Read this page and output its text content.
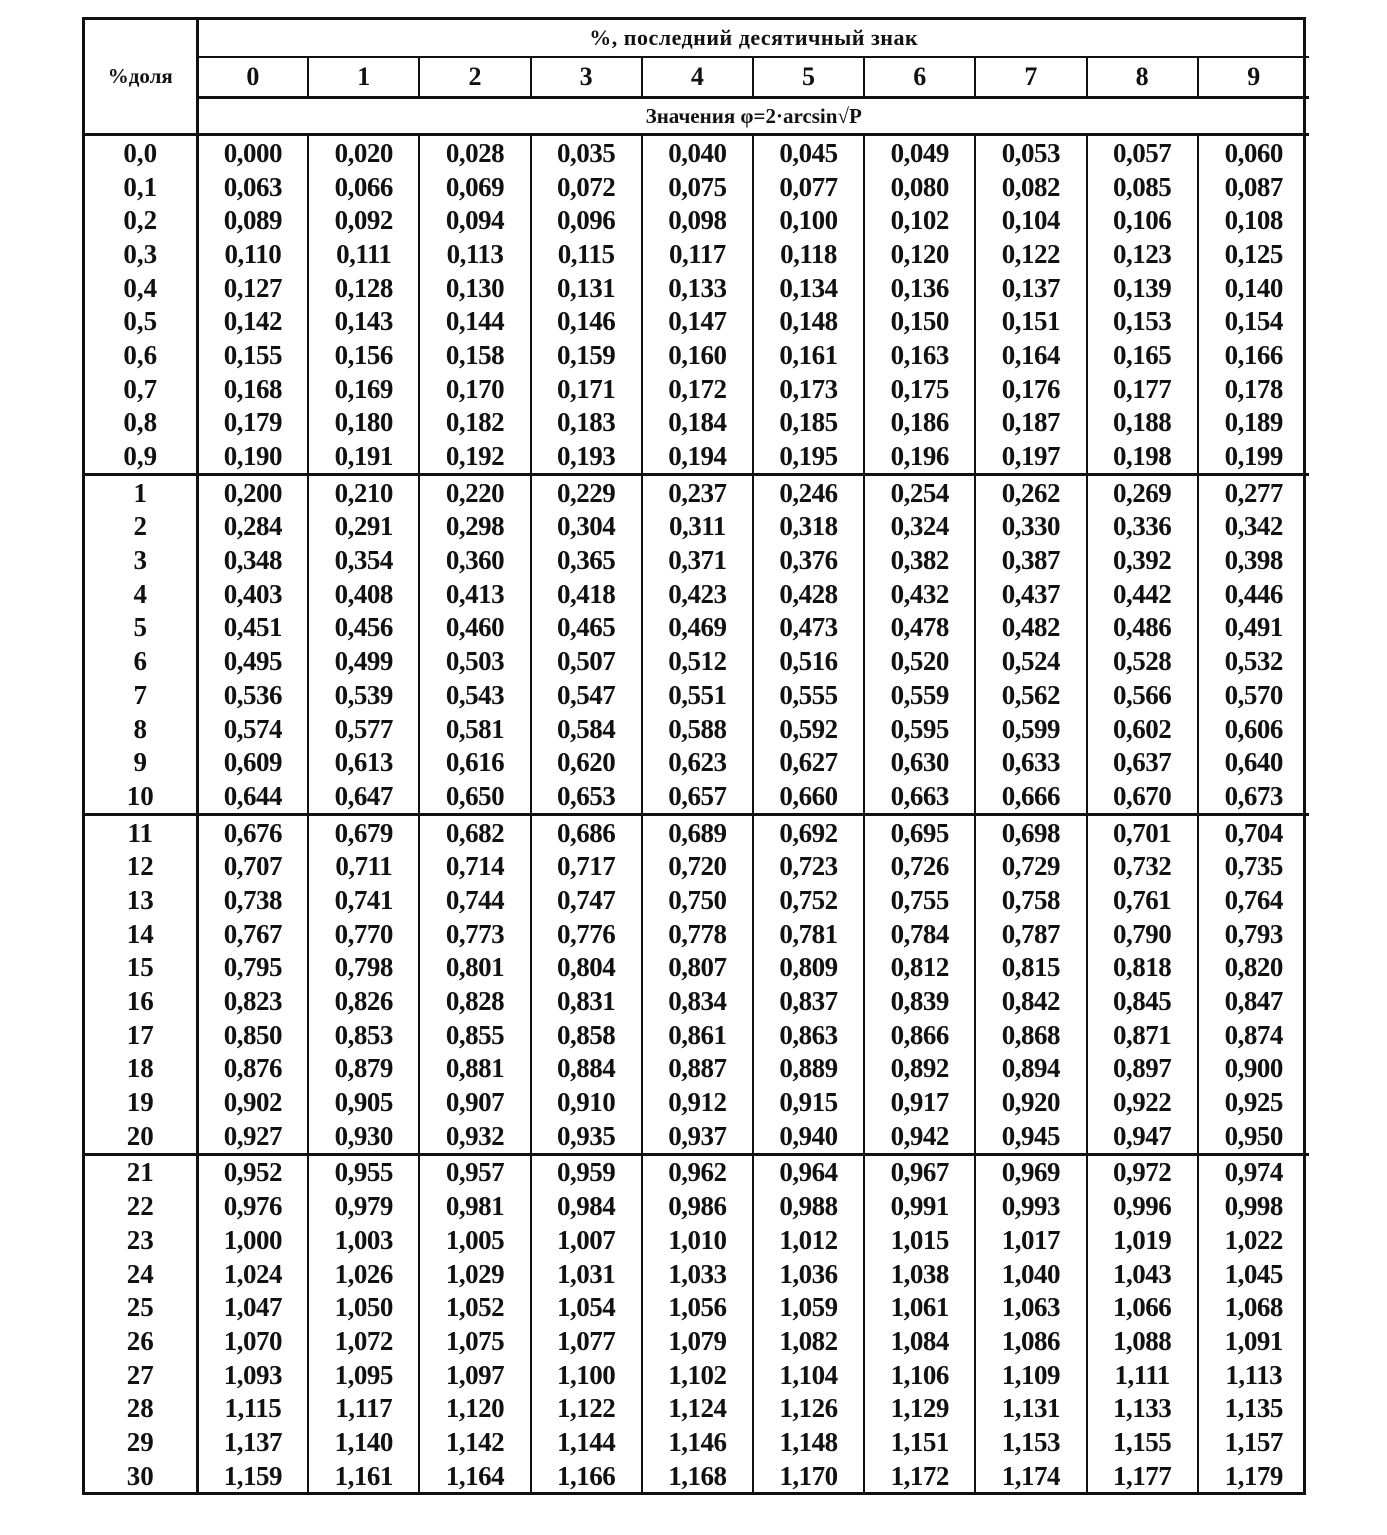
%доля	%, последний десятичный знак									
	0	1	2	3	4	5	6	7	8	9
	Значения φ=2·arcsin√P									
0,0	0,000	0,020	0,028	0,035	0,040	0,045	0,049	0,053	0,057	0,060
0,1	0,063	0,066	0,069	0,072	0,075	0,077	0,080	0,082	0,085	0,087
0,2	0,089	0,092	0,094	0,096	0,098	0,100	0,102	0,104	0,106	0,108
0,3	0,110	0,111	0,113	0,115	0,117	0,118	0,120	0,122	0,123	0,125
0,4	0,127	0,128	0,130	0,131	0,133	0,134	0,136	0,137	0,139	0,140
0,5	0,142	0,143	0,144	0,146	0,147	0,148	0,150	0,151	0,153	0,154
0,6	0,155	0,156	0,158	0,159	0,160	0,161	0,163	0,164	0,165	0,166
0,7	0,168	0,169	0,170	0,171	0,172	0,173	0,175	0,176	0,177	0,178
0,8	0,179	0,180	0,182	0,183	0,184	0,185	0,186	0,187	0,188	0,189
0,9	0,190	0,191	0,192	0,193	0,194	0,195	0,196	0,197	0,198	0,199
1	0,200	0,210	0,220	0,229	0,237	0,246	0,254	0,262	0,269	0,277
2	0,284	0,291	0,298	0,304	0,311	0,318	0,324	0,330	0,336	0,342
3	0,348	0,354	0,360	0,365	0,371	0,376	0,382	0,387	0,392	0,398
4	0,403	0,408	0,413	0,418	0,423	0,428	0,432	0,437	0,442	0,446
5	0,451	0,456	0,460	0,465	0,469	0,473	0,478	0,482	0,486	0,491
6	0,495	0,499	0,503	0,507	0,512	0,516	0,520	0,524	0,528	0,532
7	0,536	0,539	0,543	0,547	0,551	0,555	0,559	0,562	0,566	0,570
8	0,574	0,577	0,581	0,584	0,588	0,592	0,595	0,599	0,602	0,606
9	0,609	0,613	0,616	0,620	0,623	0,627	0,630	0,633	0,637	0,640
10	0,644	0,647	0,650	0,653	0,657	0,660	0,663	0,666	0,670	0,673
11	0,676	0,679	0,682	0,686	0,689	0,692	0,695	0,698	0,701	0,704
12	0,707	0,711	0,714	0,717	0,720	0,723	0,726	0,729	0,732	0,735
13	0,738	0,741	0,744	0,747	0,750	0,752	0,755	0,758	0,761	0,764
14	0,767	0,770	0,773	0,776	0,778	0,781	0,784	0,787	0,790	0,793
15	0,795	0,798	0,801	0,804	0,807	0,809	0,812	0,815	0,818	0,820
16	0,823	0,826	0,828	0,831	0,834	0,837	0,839	0,842	0,845	0,847
17	0,850	0,853	0,855	0,858	0,861	0,863	0,866	0,868	0,871	0,874
18	0,876	0,879	0,881	0,884	0,887	0,889	0,892	0,894	0,897	0,900
19	0,902	0,905	0,907	0,910	0,912	0,915	0,917	0,920	0,922	0,925
20	0,927	0,930	0,932	0,935	0,937	0,940	0,942	0,945	0,947	0,950
21	0,952	0,955	0,957	0,959	0,962	0,964	0,967	0,969	0,972	0,974
22	0,976	0,979	0,981	0,984	0,986	0,988	0,991	0,993	0,996	0,998
23	1,000	1,003	1,005	1,007	1,010	1,012	1,015	1,017	1,019	1,022
24	1,024	1,026	1,029	1,031	1,033	1,036	1,038	1,040	1,043	1,045
25	1,047	1,050	1,052	1,054	1,056	1,059	1,061	1,063	1,066	1,068
26	1,070	1,072	1,075	1,077	1,079	1,082	1,084	1,086	1,088	1,091
27	1,093	1,095	1,097	1,100	1,102	1,104	1,106	1,109	1,111	1,113
28	1,115	1,117	1,120	1,122	1,124	1,126	1,129	1,131	1,133	1,135
29	1,137	1,140	1,142	1,144	1,146	1,148	1,151	1,153	1,155	1,157
30	1,159	1,161	1,164	1,166	1,168	1,170	1,172	1,174	1,177	1,179
